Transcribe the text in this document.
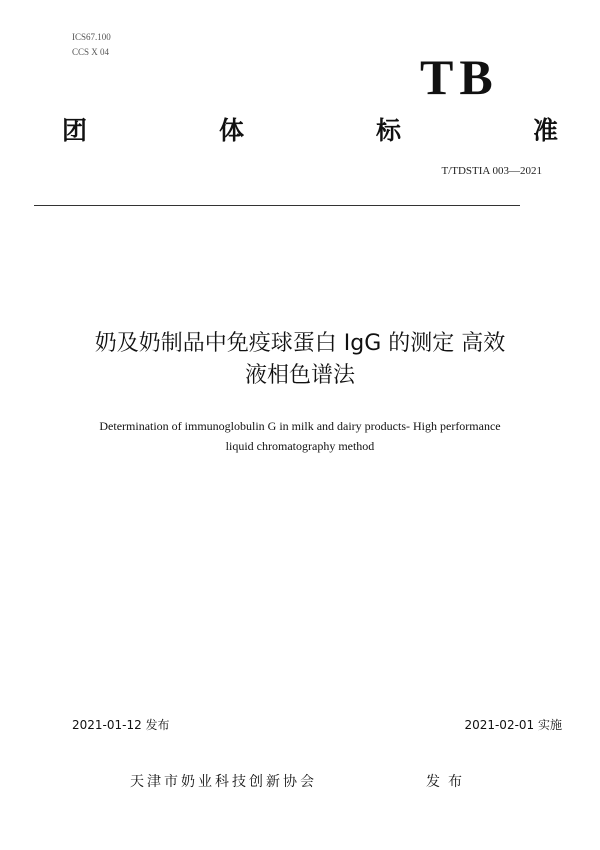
ICS67.100
CCS X 04	TB
团	体	标	准
T/TDSTIA 003—2021
奶及奶制品中免疫球蛋白 IgG 的测定 高效
液相色谱法
Determination of immunoglobulin G in milk and dairy products- High performance
liquid chromatography method
2021-01-12 发布	2021-02-01 实施
天津市奶业科技创新协会	发布
